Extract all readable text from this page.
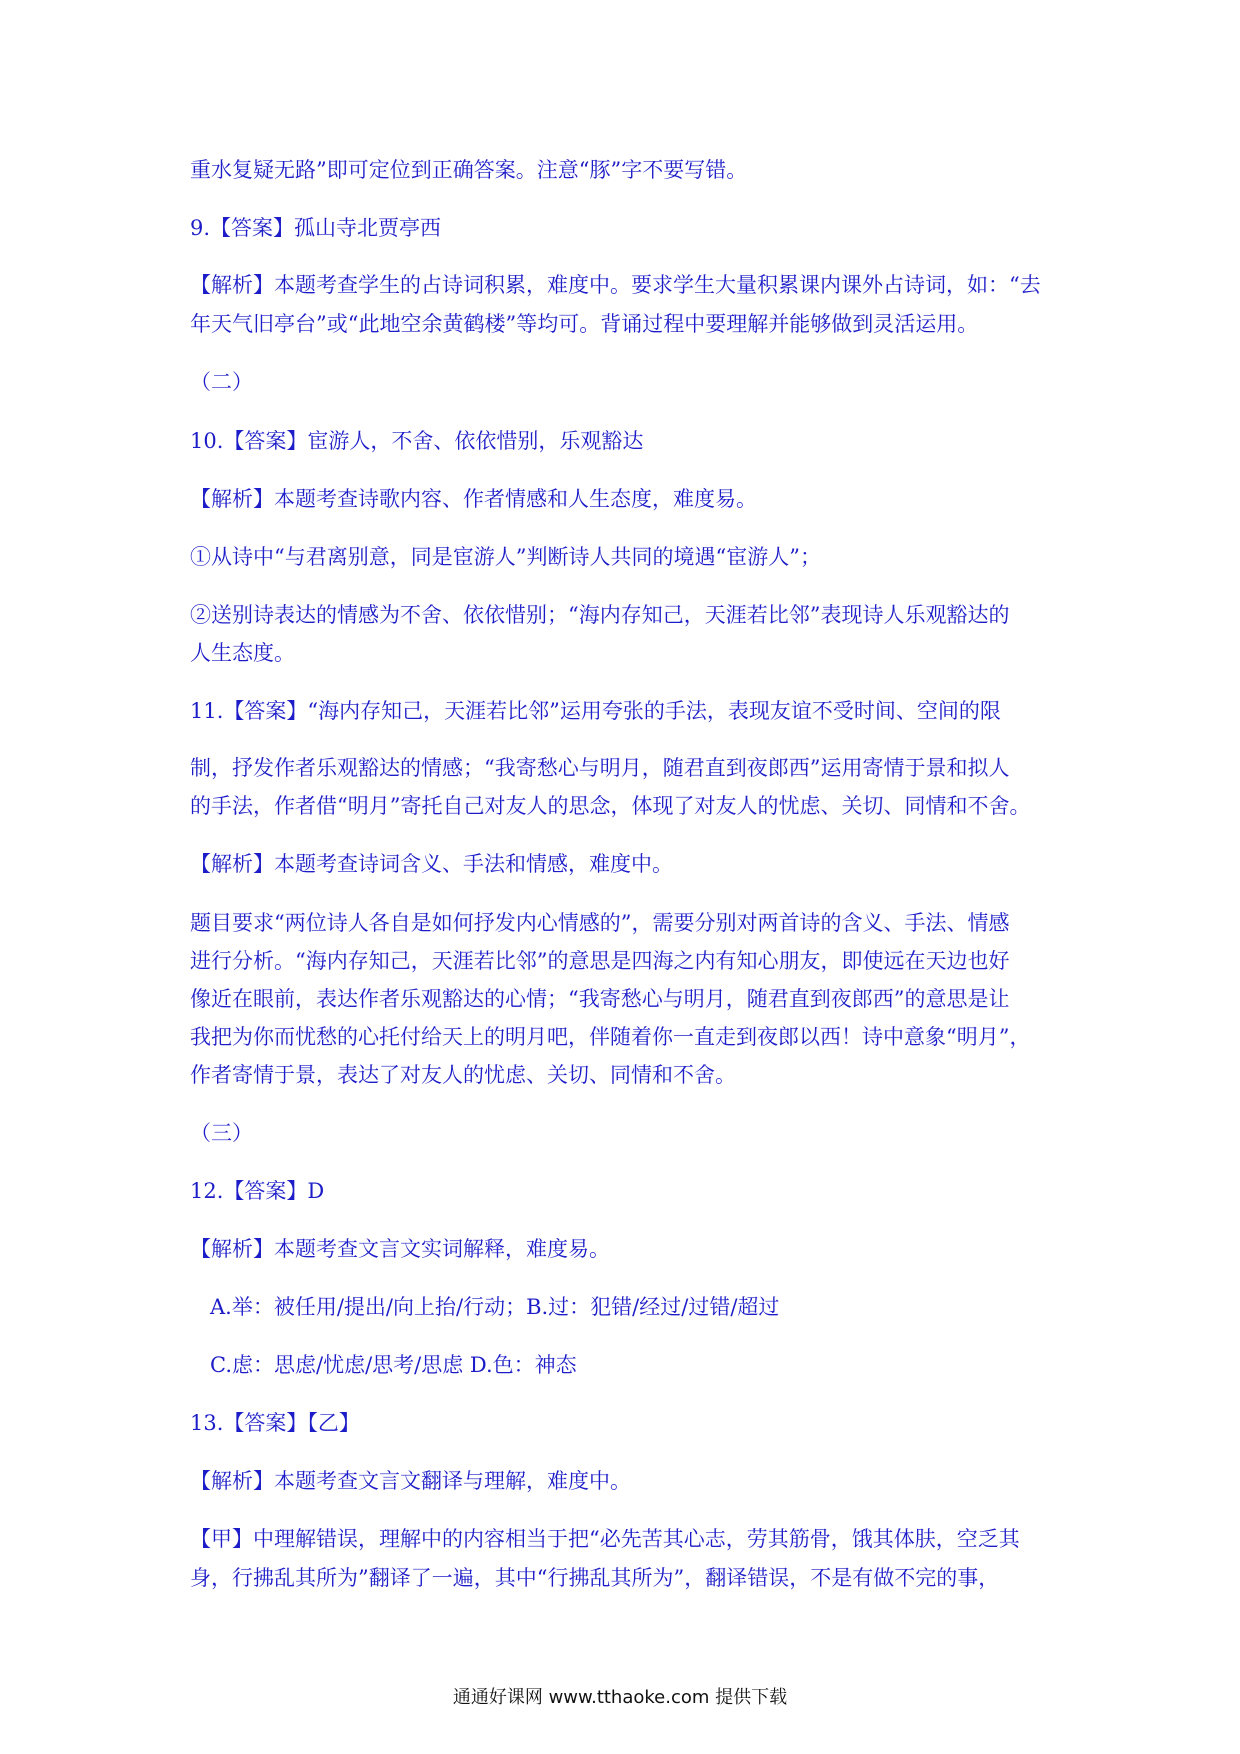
重水复疑无路”即可定位到正确答案。注意“豚”字不要写错。
9.【答案】孤山寺北贾亭西
【解析】本题考查学生的占诗词积累，难度中。要求学生大量积累课内课外占诗词，如：“去
年天气旧亭台”或“此地空余黄鹤楼”等均可。背诵过程中要理解并能够做到灵活运用。
（二）
10.【答案】宦游人，不舍、依依惜别，乐观豁达
【解析】本题考查诗歌内容、作者情感和人生态度，难度易。
①从诗中“与君离别意，同是宦游人”判断诗人共同的境遇“宦游人”；
②送别诗表达的情感为不舍、依依惜别；“海内存知己，天涯若比邻”表现诗人乐观豁达的
人生态度。
11.【答案】“海内存知己，天涯若比邻”运用夸张的手法，表现友谊不受时间、空间的限
制，抒发作者乐观豁达的情感；“我寄愁心与明月，随君直到夜郎西”运用寄情于景和拟人
的手法，作者借“明月”寄托自己对友人的思念，体现了对友人的忧虑、关切、同情和不舍。
【解析】本题考查诗词含义、手法和情感，难度中。
题目要求“两位诗人各自是如何抒发内心情感的”，需要分别对两首诗的含义、手法、情感
进行分析。“海内存知己，天涯若比邻”的意思是四海之内有知心朋友，即使远在天边也好
像近在眼前，表达作者乐观豁达的心情；“我寄愁心与明月，随君直到夜郎西”的意思是让
我把为你而忧愁的心托付给天上的明月吧，伴随着你一直走到夜郎以西！诗中意象“明月”，
作者寄情于景，表达了对友人的忧虑、关切、同情和不舍。
（三）
12.【答案】D
【解析】本题考查文言文实词解释，难度易。
A.举：被任用/提出/向上抬/行动；B.过：犯错/经过/过错/超过
C.虑：思虑/忧虑/思考/思虑 D.色：神态
13.【答案】【乙】
【解析】本题考查文言文翻译与理解，难度中。
【甲】中理解错误，理解中的内容相当于把“必先苦其心志，劳其筋骨，饿其体肤，空乏其
身，行拂乱其所为”翻译了一遍，其中“行拂乱其所为”，翻译错误，不是有做不完的事，
通通好课网 www.tthaoke.com 提供下载
